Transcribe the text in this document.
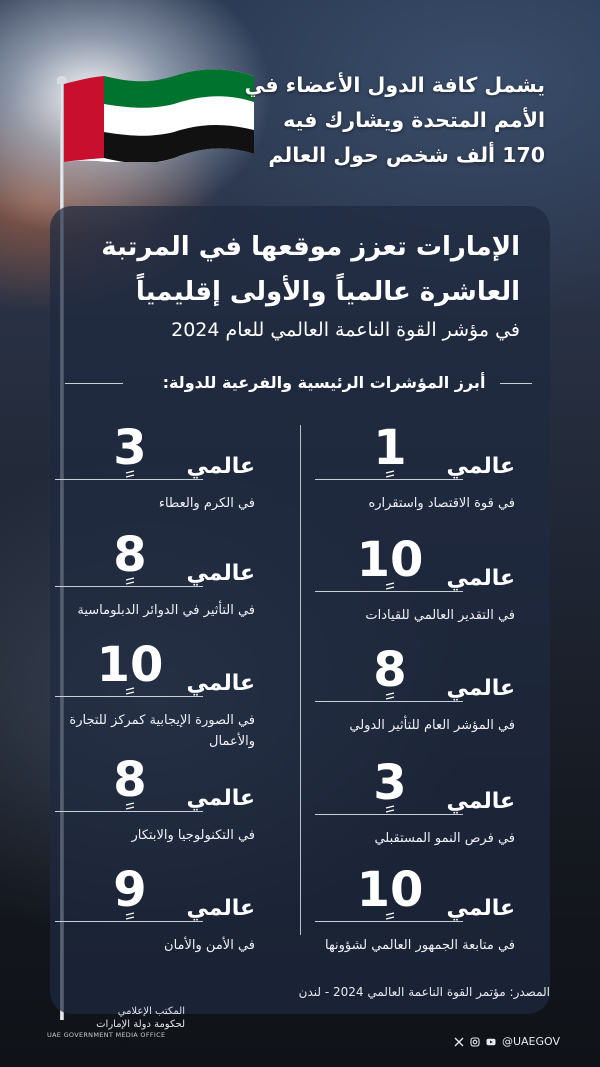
يشمل كافة الدول الأعضاء في
الأمم المتحدة ويشارك فيه
170 ألف شخص حول العالم
الإمارات تعزز موقعها في المرتبة
العاشرة عالمياً والأولى إقليمياً
في مؤشر القوة الناعمة العالمي للعام 2024
أبرز المؤشرات الرئيسية والفرعية للدولة:
1	عالمي
في قوة الاقتصاد واستقراره
10	عالمي
في التقدير العالمي للقيادات
8	عالمي
في المؤشر العام للتأثير الدولي
3	عالمي
في فرص النمو المستقبلي
10	عالمي
في متابعة الجمهور العالمي لشؤونها
3	عالمي
في الكرم والعطاء
8	عالمي
في التأثير في الدوائر الدبلوماسية
10	عالمي
في الصورة الإيجابية كمركز للتجارة والأعمال
8	عالمي
في التكنولوجيا والابتكار
9	عالمي
في الأمن والأمان
المصدر: مؤتمر القوة الناعمة العالمي 2024 - لندن
المكتب الإعلامي
لحكومة دولة الإمارات
UAE GOVERNMENT MEDIA OFFICE	@UAEGOV
